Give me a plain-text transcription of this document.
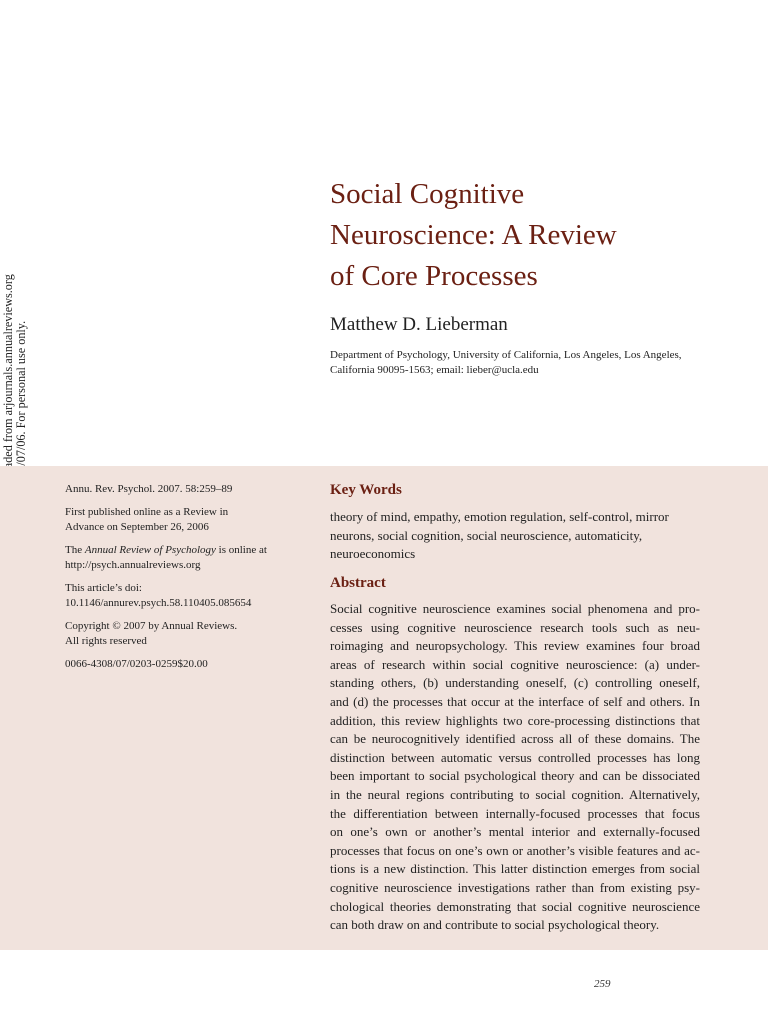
Social Cognitive
Neuroscience: A Review
of Core Processes
Matthew D. Lieberman
Department of Psychology, University of California, Los Angeles, Los Angeles,
California 90095-1563; email: lieber@ucla.edu

Annu. Rev. Psychol. 2007. 58:259–89

First published online as a Review in
Advance on September 26, 2006

The Annual Review of Psychology is online at
http://psych.annualreviews.org

This article’s doi:
10.1146/annurev.psych.58.110405.085654

Copyright © 2007 by Annual Reviews.
All rights reserved

0066-4308/07/0203-0259$20.00

Key Words

theory of mind, empathy, emotion regulation, self-control, mirror
neurons, social cognition, social neuroscience, automaticity,
neuroeconomics

Abstract

Social cognitive neuroscience examines social phenomena and pro-
cesses using cognitive neuroscience research tools such as neu-
roimaging and neuropsychology. This review examines four broad
areas of research within social cognitive neuroscience: (a) under-
standing others, (b) understanding oneself, (c) controlling oneself,
and (d) the processes that occur at the interface of self and others. In
addition, this review highlights two core-processing distinctions that
can be neurocognitively identified across all of these domains. The
distinction between automatic versus controlled processes has long
been important to social psychological theory and can be dissociated
in the neural regions contributing to social cognition. Alternatively,
the differentiation between internally-focused processes that focus
on one’s own or another’s mental interior and externally-focused
processes that focus on one’s own or another’s visible features and ac-
tions is a new distinction. This latter distinction emerges from social
cognitive neuroscience investigations rather than from existing psy-
chological theories demonstrating that social cognitive neuroscience
can both draw on and contribute to social psychological theory.

259
